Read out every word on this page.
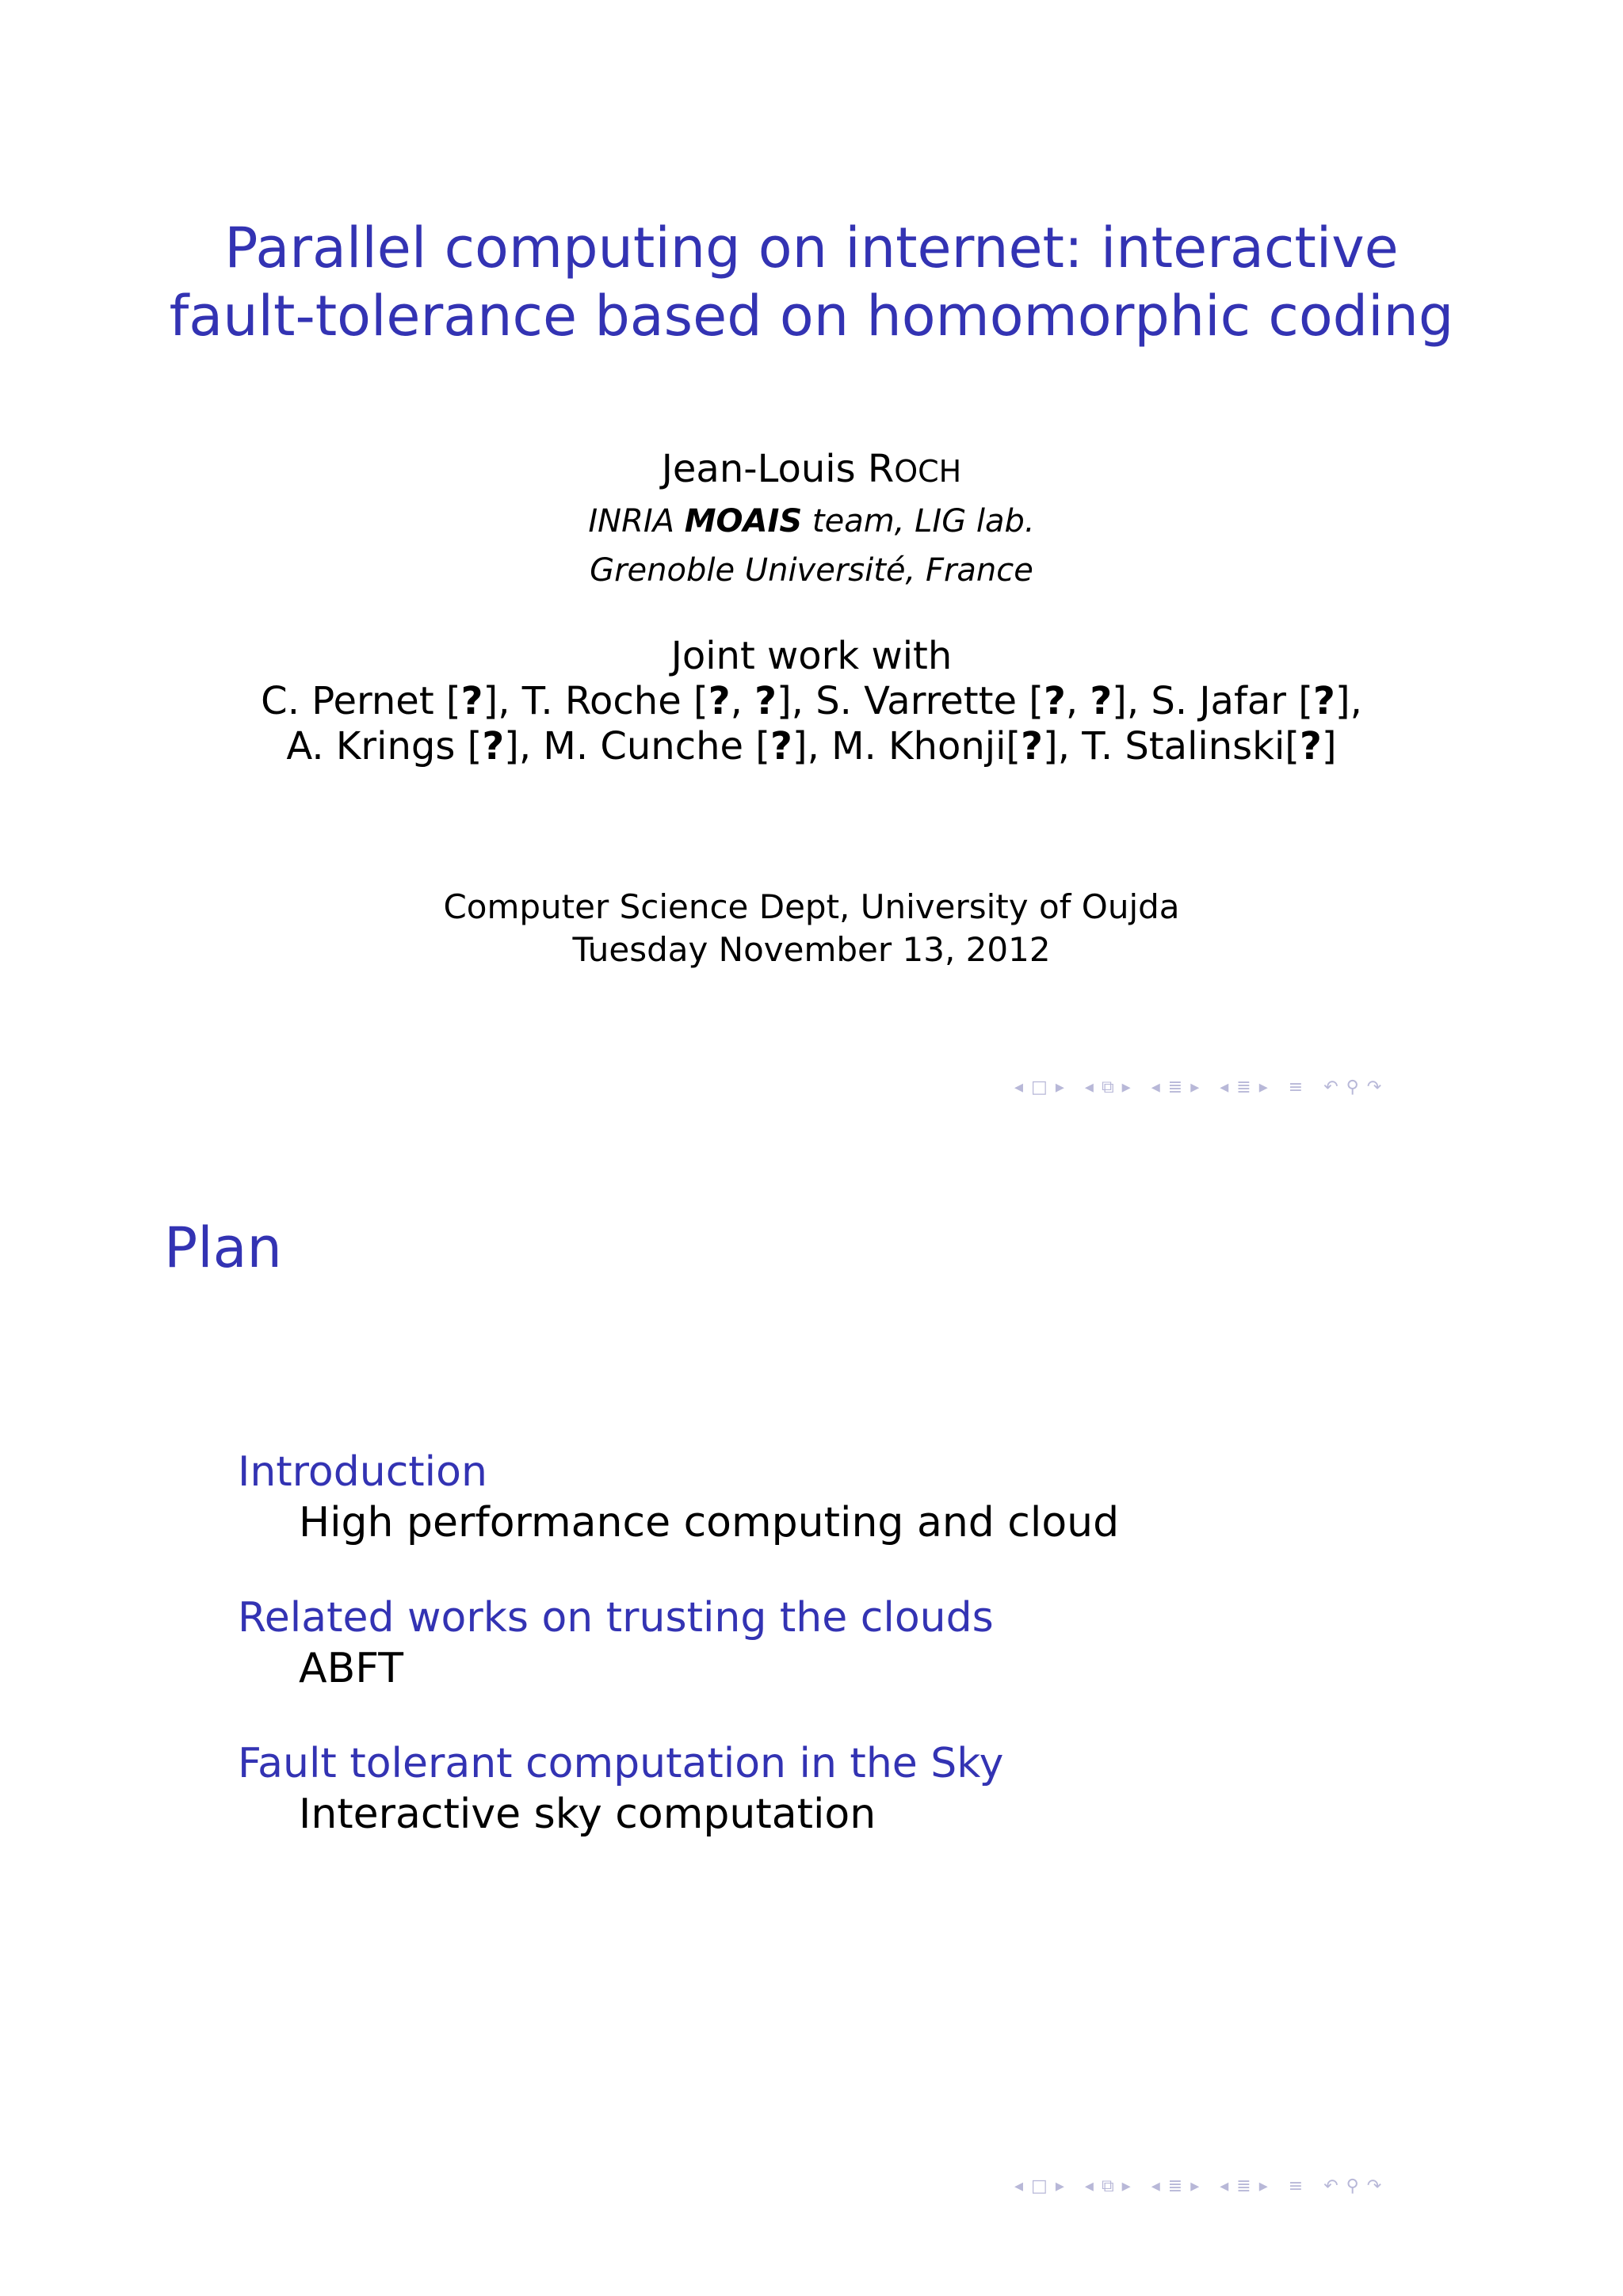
Parallel computing on internet: interactive
fault-tolerance based on homomorphic coding
Jean-Louis ROCH
INRIA MOAIS team, LIG lab.
Grenoble Université, France
Joint work with
C. Pernet [?], T. Roche [?, ?], S. Varrette [?, ?], S. Jafar [?],
A. Krings [?], M. Cunche [?], M. Khonji[?], T. Stalinski[?]
Computer Science Dept, University of Oujda
Tuesday November 13, 2012
◂ □ ▸ ◂ ⧉ ▸ ◂ ≣ ▸ ◂ ≣ ▸ ≡ ↶ ⚲ ↷
Plan
Introduction
High performance computing and cloud
Related works on trusting the clouds
ABFT
Fault tolerant computation in the Sky
Interactive sky computation
◂ □ ▸ ◂ ⧉ ▸ ◂ ≣ ▸ ◂ ≣ ▸ ≡ ↶ ⚲ ↷
